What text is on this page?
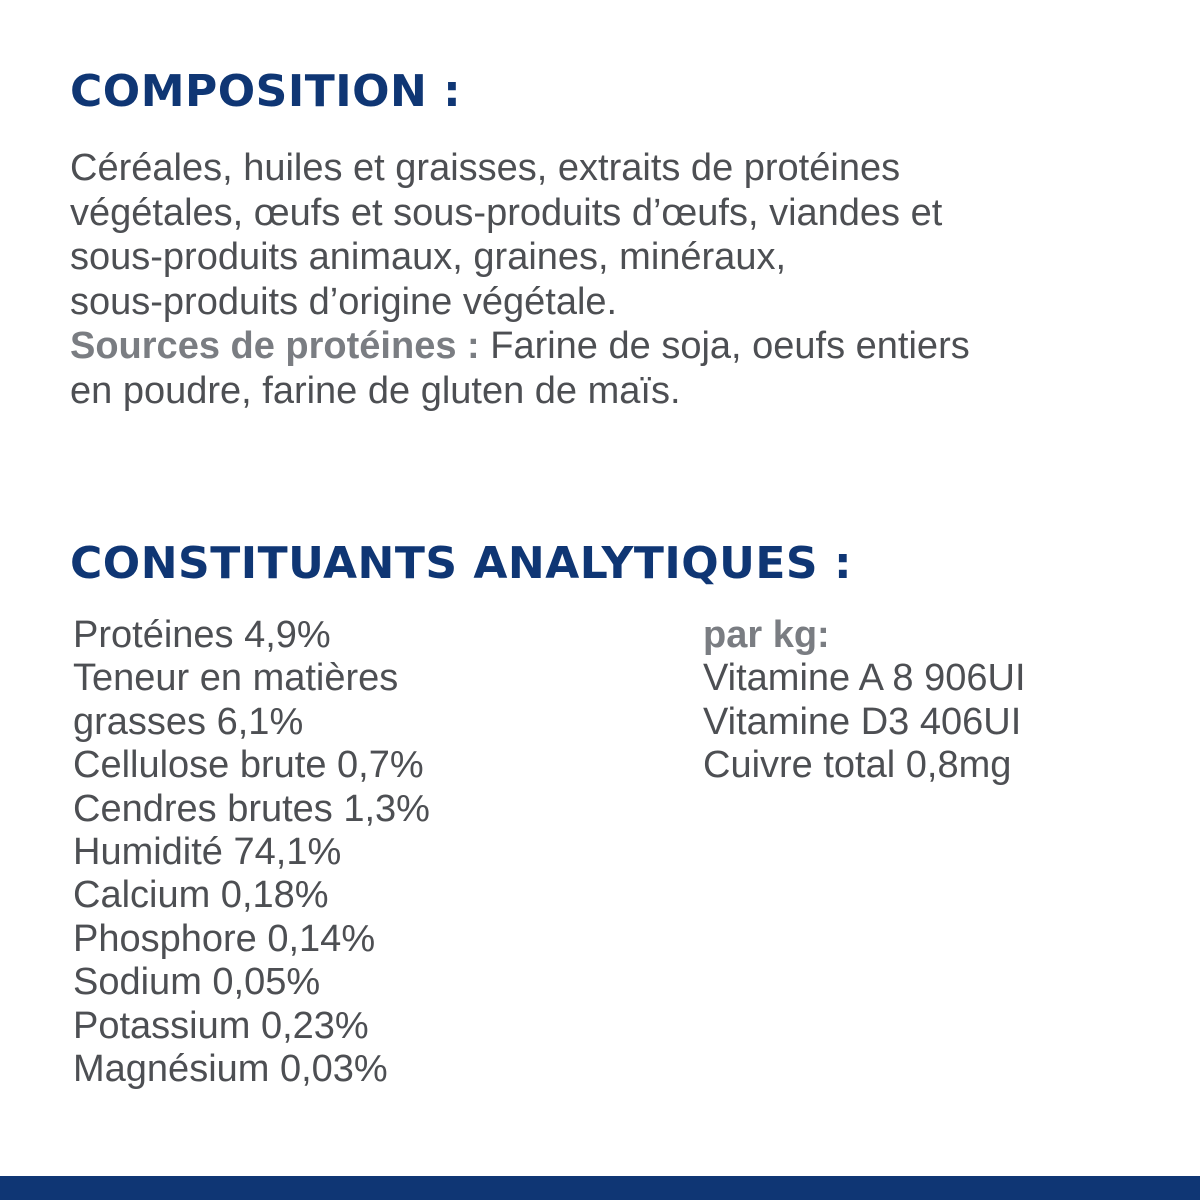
COMPOSITION :

Céréales, huiles et graisses, extraits de protéines
végétales, œufs et sous-produits d’œufs, viandes et
sous-produits animaux, graines, minéraux,
sous-produits d’origine végétale.
Sources de protéines : Farine de soja, oeufs entiers
en poudre, farine de gluten de maïs.

CONSTITUANTS ANALYTIQUES :
Protéines 4,9%
Teneur en matières
grasses 6,1%
Cellulose brute 0,7%
Cendres brutes 1,3%
Humidité 74,1%
Calcium 0,18%
Phosphore 0,14%
Sodium 0,05%
Potassium 0,23%
Magnésium 0,03%
par kg:
Vitamine A 8 906UI
Vitamine D3 406UI
Cuivre total 0,8mg
